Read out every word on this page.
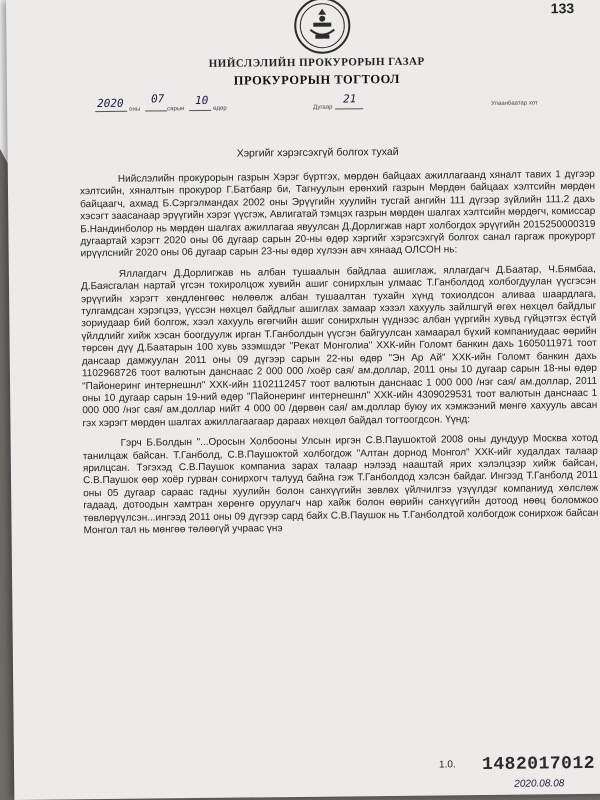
133
НИЙСЛЭЛИЙН ПРОКУРОРЫН ГАЗАР
ПРОКУРОРЫН ТОГТООЛ
2020 оны
07
сарын
10
өдөр	Дугаар
21	Улаанбаатар хот
Хэргийг хэрэгсэхгүй болгох тухай

Нийслэлийн прокурорын газрын Хэрэг бүртгэх, мөрдөн байцаах ажиллагаанд хяналт тавих 1 дүгээр хэлтсийн, хяналтын прокурор Г.Батбаяр би, Тагнуулын ерөнхий газрын Мөрдөн байцаах хэлтсийн мөрдөн байцаагч, ахмад Б.Сэргэлмандах 2002 оны Эрүүгийн хуулийн тусгай ангийн 111 дүгээр зүйлийн 111.2 дахь хэсэгт заасанаар эрүүгийн хэрэг үүсгэж, Авлигатай тэмцэх газрын мөрдөн шалгах хэлтсийн мөрдөгч, комиссар Б.Нандинболор нь мөрдөн шалгах ажиллагаа явуулсан Д.Дорлигжав нарт холбогдох эрүүгийн 2015250000319 дугаартай хэрэгт 2020 оны 06 дугаар сарын 20-ны өдөр хэргийг хэрэгсэхгүй болгох санал гаргаж прокурорт ирүүлснийг 2020 оны 06 дугаар сарын 23-ны өдөр хүлээн авч хянаад ОЛСОН нь:

Яллагдагч Д.Дорлигжав нь албан тушаалын байдлаа ашиглаж, яллагдагч Д.Баатар, Ч.Бямбаа, Д.Баясгалан нартай үгсэн тохиролцож хувийн ашиг сонирхлын улмаас Т.Ганболдод холбогдуулан үүсгэсэн эрүүгийн хэрэгт хөндлөнгөөс нөлөөлж албан тушаалтан тухайн хүнд тохиолдсон аливаа шаардлага, тулгамдсан хэрэгцээ, үүссэн нөхцөл байдлыг ашиглах замаар хэзэл хахууль зайлшгүй өгөх нөхцөл байдлыг зориудаар бий болгож, хээл хахууль өгөгчийн ашиг сонирхлын үүднээс албан үүргийн хувьд гүйцэтгэх ёстүй үйлдлийг хийж хэсан боогдуулж ирган Т.Ганболдын үүсгэн байгуулсан хамаарал бүхий компаниудаас өөрийн төрсөн дүү Д.Баатарын 100 хувь эзэмшдэг "Рекат Монголиа" ХХК-ийн Голомт банкин дахь 1605011971 тоот дансаар дамжуулан 2011 оны 09 дүгээр сарын 22-ны өдөр "Эн Ар Ай" ХХК-ийн Голомт банкин дахь 1102968726 тоот валютын данснаас 2 000 000 /хоёр сая/ ам.доллар, 2011 оны 10 дугаар сарын 18-ны өдөр "Пайонеринг интернешнл" ХХК-ийн 1102112457 тоот валютын данснаас 1 000 000 /нэг сая/ ам.доллар, 2011 оны 10 дугаар сарын 19-ний өдөр "Пайонеринг интернешнл" ХХК-ийн 4309029531 тоот валютын данснаас 1 000 000 /нэг сая/ ам.доллар нийт 4 000 00 /дөрвөн сая/ ам.доллар буюу их хэмжээний мөнгө хахууль авсан гэх хэрэгт мөрдөн шалгах ажиллагаагаар дараах нөхцөл байдал тогтоогдсон. Үүнд:

Гэрч Б.Болдын "...Оросын Холбооны Улсын иргэн С.В.Паушоктой 2008 оны дундуур Москва хотод танилцаж байсан. Т.Ганболд, С.В.Паушоктой холбогдож "Алтан дорнод Монгол" ХХК-ийг худалдах талаар ярилцсан. Тэгэхэд С.В.Паушок компаниа зарах талаар нэлээд нааштай ярих хэлэлцээр хийж байсан, С.В.Паушок өөр хоёр гурван сонирхогч талууд байна гэж Т.Ганболдод хэлсэн байдаг. Ингээд Т.Ганболд 2011 оны 05 дугаар сараас гадны хуулийн болон санхүүгийн зөвлөх үйлчилгээ үзүүлдэг компаниуд хөлслөж гадаад, дотоодын хамтран хөрөнгө оруулагч нар хайж болон өөрийн санхүүгийн дотоод нөөц боломжоо төвлөрүүлсэн...ингээд 2011 оны 09 дүгээр сард байх С.В.Паушок нь Т.Ганболдтой холбогдож сонирхож байсан Монгол тал нь мөнгөө төлөөгүй учраас үнэ

1.0. 1482017012
2020.08.08
